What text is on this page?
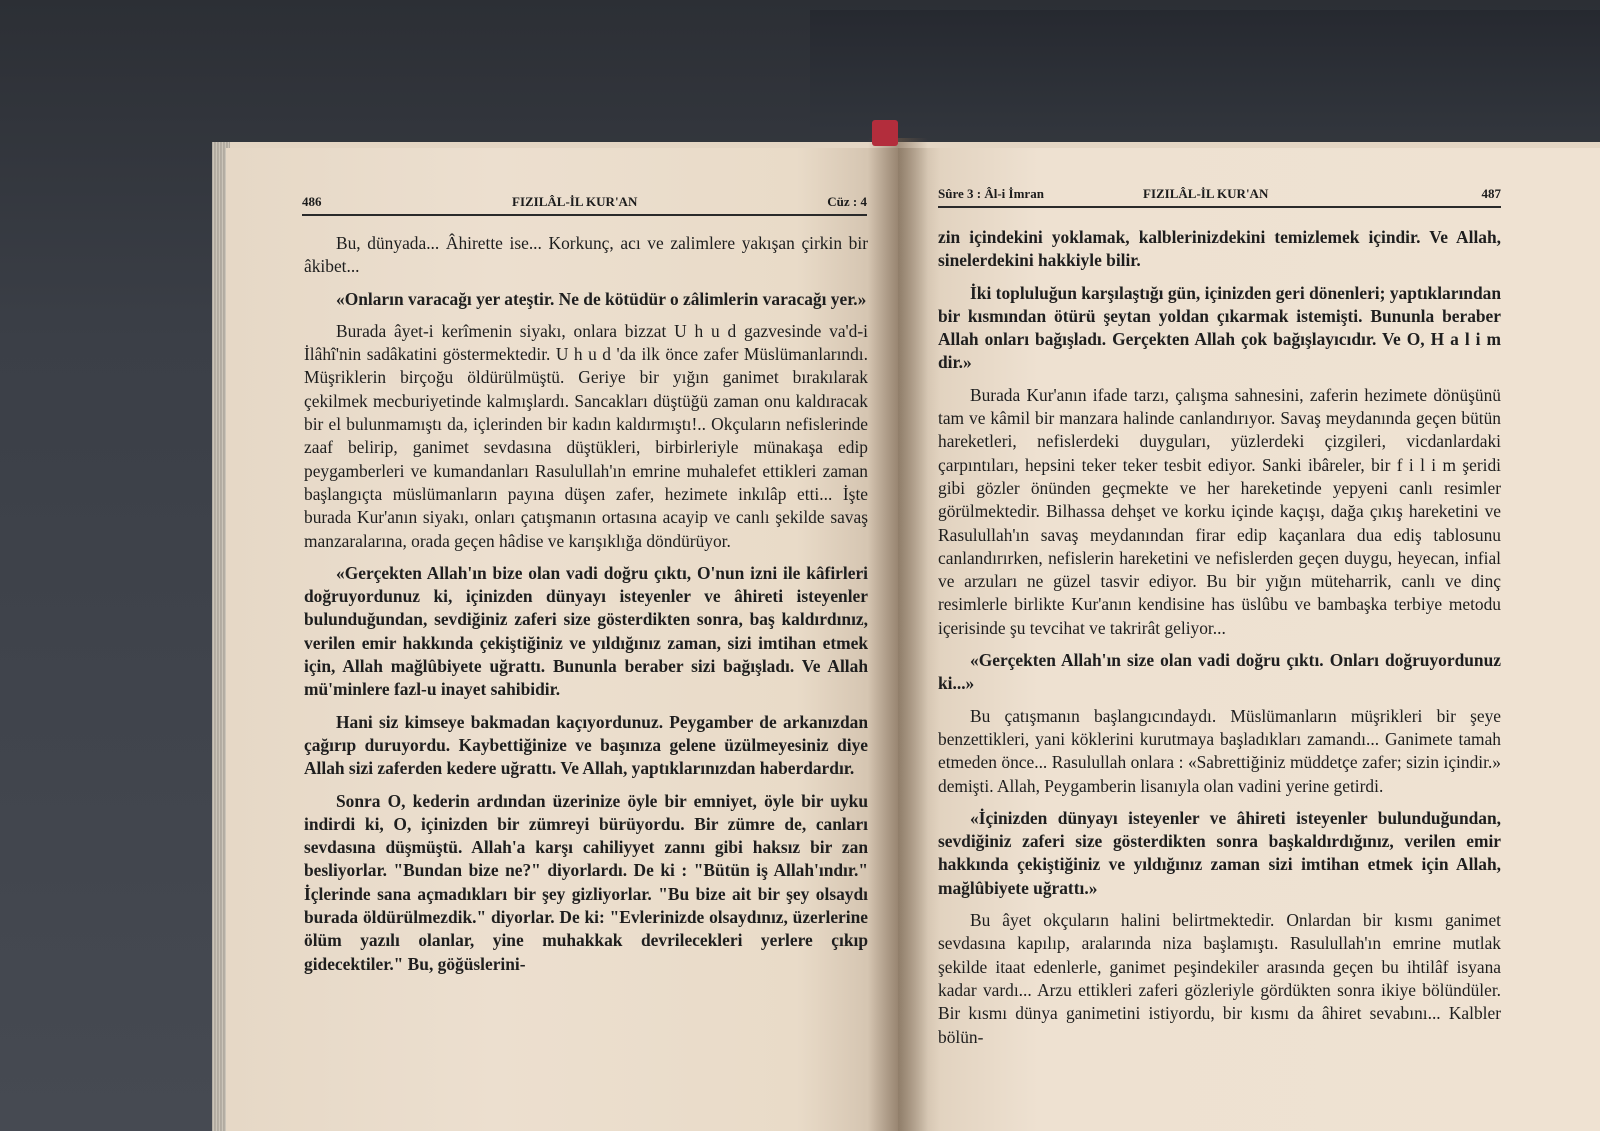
486	FIZILÂL-İL KUR'AN	Cüz : 4
Sûre 3 : Âl-i İmran	FIZILÂL-İL KUR'AN	487

Bu, dünyada... Âhirette ise... Korkunç, acı ve zalimlere yakışan çirkin bir âkibet...

«Onların varacağı yer ateştir. Ne de kötüdür o zâlimlerin varacağı yer.»

Burada âyet-i kerîmenin siyakı, onlara bizzat U h u d gazvesinde va'd-i İlâhî'nin sadâkatini göstermektedir. U h u d 'da ilk önce zafer Müslümanlarındı. Müşriklerin birçoğu öldürülmüştü. Geriye bir yığın ganimet bırakılarak çekilmek mecburiyetinde kalmışlardı. Sancakları düştüğü zaman onu kaldıracak bir el bulunmamıştı da, içlerinden bir kadın kaldırmıştı!.. Okçuların nefislerinde zaaf belirip, ganimet sevdasına düştükleri, birbirleriyle münakaşa edip peygamberleri ve kumandanları Rasulullah'ın emrine muhalefet ettikleri zaman başlangıçta müslümanların payına düşen zafer, hezimete inkılâp etti... İşte burada Kur'anın siyakı, onları çatışmanın ortasına acayip ve canlı şekilde savaş manzaralarına, orada geçen hâdise ve karışıklığa döndürüyor.

«Gerçekten Allah'ın bize olan vadi doğru çıktı, O'nun izni ile kâfirleri doğruyordunuz ki, içinizden dünyayı isteyenler ve âhireti isteyenler bulunduğundan, sevdiğiniz zaferi size gösterdikten sonra, baş kaldırdınız, verilen emir hakkında çekiştiğiniz ve yıldığınız zaman, sizi imtihan etmek için, Allah mağlûbiyete uğrattı. Bununla beraber sizi bağışladı. Ve Allah mü'minlere fazl-u inayet sahibidir.

Hani siz kimseye bakmadan kaçıyordunuz. Peygamber de arkanızdan çağırıp duruyordu. Kaybettiğinize ve başınıza gelene üzülmeyesiniz diye Allah sizi zaferden kedere uğrattı. Ve Allah, yaptıklarınızdan haberdardır.

Sonra O, kederin ardından üzerinize öyle bir emniyet, öyle bir uyku indirdi ki, O, içinizden bir zümreyi bürüyordu. Bir zümre de, canları sevdasına düşmüştü. Allah'a karşı cahiliyyet zannı gibi haksız bir zan besliyorlar. "Bundan bize ne?" diyorlardı. De ki : "Bütün iş Allah'ındır." İçlerinde sana açmadıkları bir şey gizliyorlar. "Bu bize ait bir şey olsaydı burada öldürülmezdik." diyorlar. De ki: "Evlerinizde olsaydınız, üzerlerine ölüm yazılı olanlar, yine muhakkak devrilecekleri yerlere çıkıp gidecektiler." Bu, göğüslerini-

zin içindekini yoklamak, kalblerinizdekini temizlemek içindir. Ve Allah, sinelerdekini hakkiyle bilir.

İki topluluğun karşılaştığı gün, içinizden geri dönenleri; yaptıklarından bir kısmından ötürü şeytan yoldan çıkarmak istemişti. Bununla beraber Allah onları bağışladı. Gerçekten Allah çok bağışlayıcıdır. Ve O, H a l i m dir.»

Burada Kur'anın ifade tarzı, çalışma sahnesini, zaferin hezimete dönüşünü tam ve kâmil bir manzara halinde canlandırıyor. Savaş meydanında geçen bütün hareketleri, nefislerdeki duyguları, yüzlerdeki çizgileri, vicdanlardaki çarpıntıları, hepsini teker teker tesbit ediyor. Sanki ibâreler, bir f i l i m şeridi gibi gözler önünden geçmekte ve her hareketinde yepyeni canlı resimler görülmektedir. Bilhassa dehşet ve korku içinde kaçışı, dağa çıkış hareketini ve Rasulullah'ın savaş meydanından firar edip kaçanlara dua ediş tablosunu canlandırırken, nefislerin hareketini ve nefislerden geçen duygu, heyecan, infial ve arzuları ne güzel tasvir ediyor. Bu bir yığın müteharrik, canlı ve dinç resimlerle birlikte Kur'anın kendisine has üslûbu ve bambaşka terbiye metodu içerisinde şu tevcihat ve takrirât geliyor...

«Gerçekten Allah'ın size olan vadi doğru çıktı. Onları doğruyordunuz ki...»

Bu çatışmanın başlangıcındaydı. Müslümanların müşrikleri bir şeye benzettikleri, yani köklerini kurutmaya başladıkları zamandı... Ganimete tamah etmeden önce... Rasulullah onlara : «Sabrettiğiniz müddetçe zafer; sizin içindir.» demişti. Allah, Peygamberin lisanıyla olan vadini yerine getirdi.

«İçinizden dünyayı isteyenler ve âhireti isteyenler bulunduğundan, sevdiğiniz zaferi size gösterdikten sonra başkaldırdığınız, verilen emir hakkında çekiştiğiniz ve yıldığınız zaman sizi imtihan etmek için Allah, mağlûbiyete uğrattı.»

Bu âyet okçuların halini belirtmektedir. Onlardan bir kısmı ganimet sevdasına kapılıp, aralarında niza başlamıştı. Rasulullah'ın emrine mutlak şekilde itaat edenlerle, ganimet peşindekiler arasında geçen bu ihtilâf isyana kadar vardı... Arzu ettikleri zaferi gözleriyle gördükten sonra ikiye bölündüler. Bir kısmı dünya ganimetini istiyordu, bir kısmı da âhiret sevabını... Kalbler bölün-
